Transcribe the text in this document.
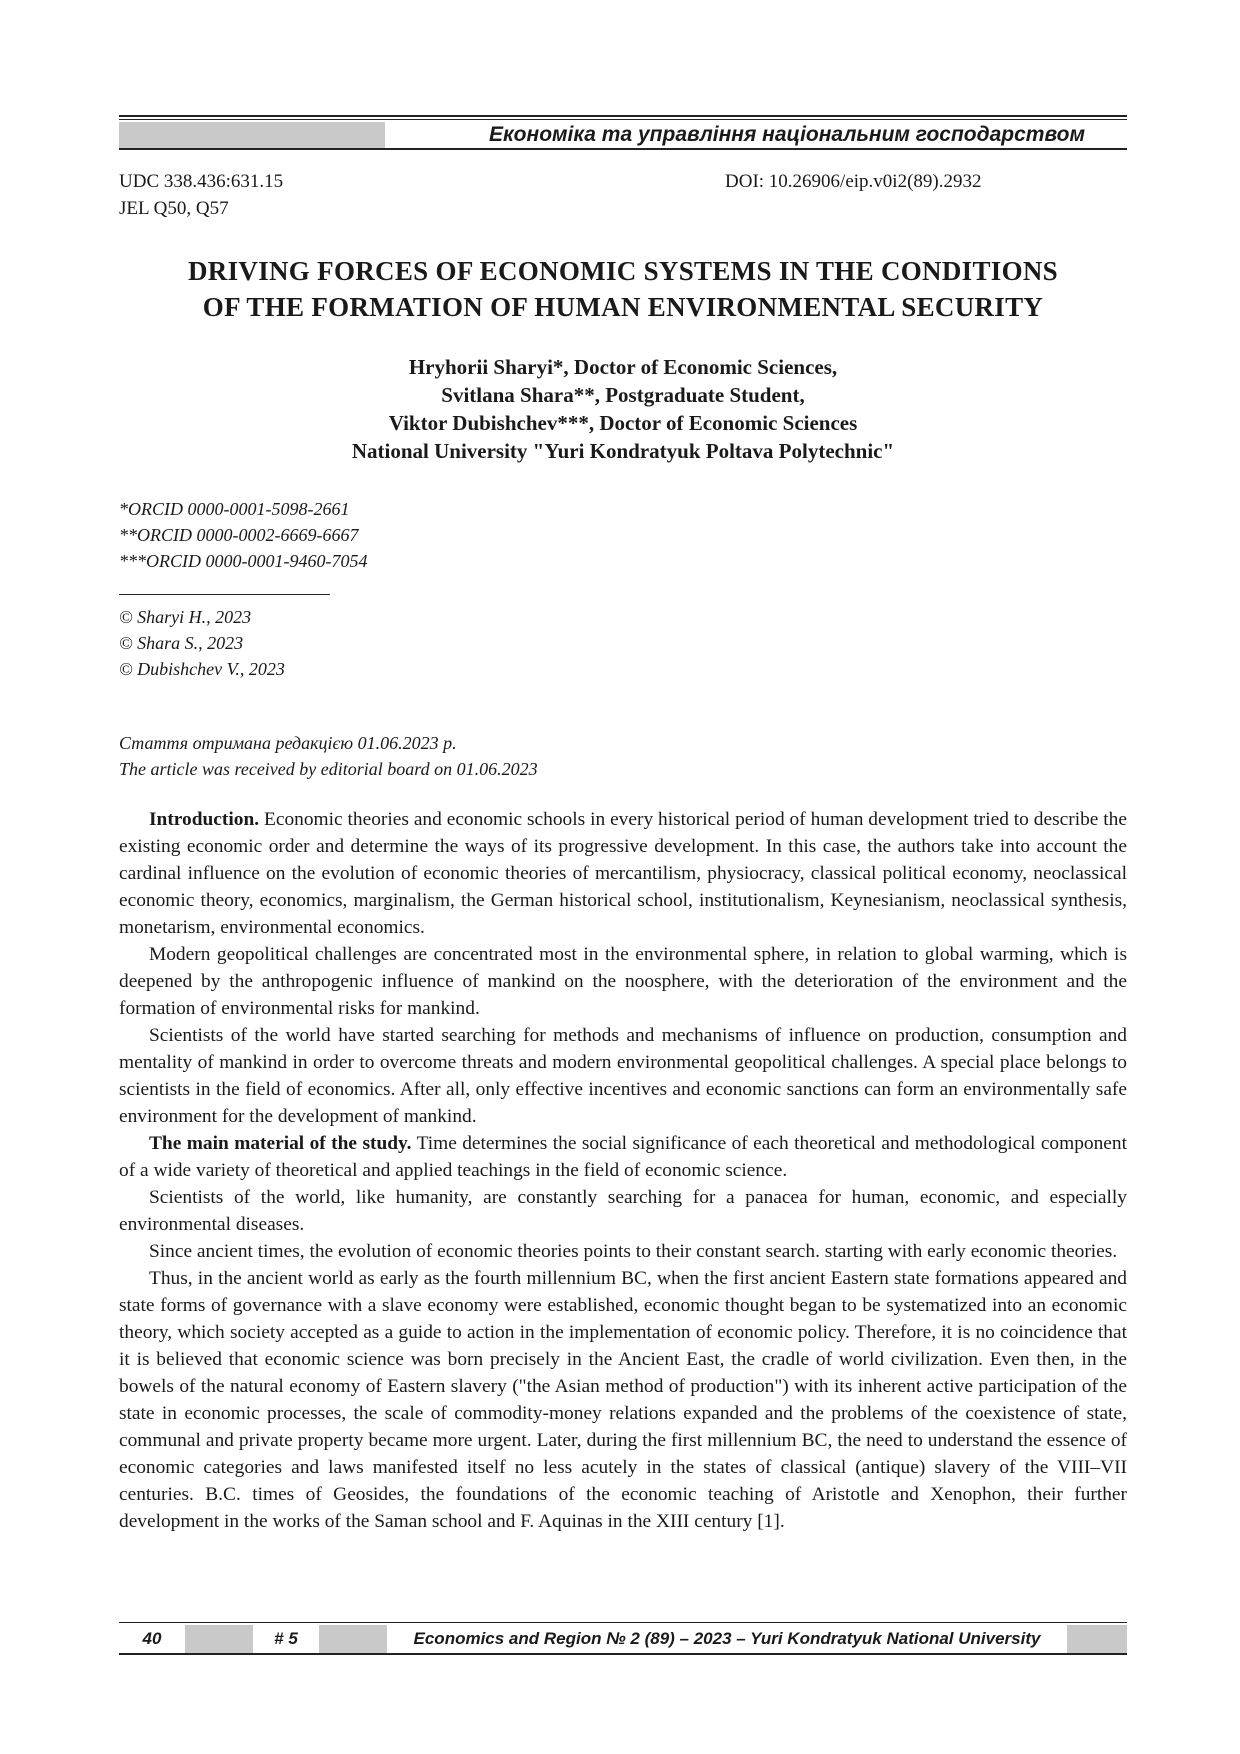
Економіка та управління національним господарством
UDC 338.436:631.15
JEL Q50, Q57
DOI: 10.26906/eip.v0i2(89).2932
DRIVING FORCES OF ECONOMIC SYSTEMS IN THE CONDITIONS
OF THE FORMATION OF HUMAN ENVIRONMENTAL SECURITY
Hryhorii Sharyi*, Doctor of Economic Sciences,
Svitlana Shara**, Postgraduate Student,
Viktor Dubishchev***, Doctor of Economic Sciences
National University "Yuri Kondratyuk Poltava Polytechnic"
*ORCID 0000-0001-5098-2661
**ORCID 0000-0002-6669-6667
***ORCID 0000-0001-9460-7054
© Sharyi H., 2023
© Shara S., 2023
© Dubishchev V., 2023
Стаття отримана редакцією 01.06.2023 р.
The article was received by editorial board on 01.06.2023

Introduction. Economic theories and economic schools in every historical period of human development tried to describe the existing economic order and determine the ways of its progressive development. In this case, the authors take into account the cardinal influence on the evolution of economic theories of mercantilism, physiocracy, classical political economy, neoclassical economic theory, economics, marginalism, the German historical school, institutionalism, Keynesianism, neoclassical synthesis, monetarism, environmental economics.

Modern geopolitical challenges are concentrated most in the environmental sphere, in relation to global warming, which is deepened by the anthropogenic influence of mankind on the noosphere, with the deterioration of the environment and the formation of environmental risks for mankind.

Scientists of the world have started searching for methods and mechanisms of influence on production, consumption and mentality of mankind in order to overcome threats and modern environmental geopolitical challenges. A special place belongs to scientists in the field of economics. After all, only effective incentives and economic sanctions can form an environmentally safe environment for the development of mankind.

The main material of the study. Time determines the social significance of each theoretical and methodological component of a wide variety of theoretical and applied teachings in the field of economic science.

Scientists of the world, like humanity, are constantly searching for a panacea for human, economic, and especially environmental diseases.

Since ancient times, the evolution of economic theories points to their constant search. starting with early economic theories.

Thus, in the ancient world as early as the fourth millennium BC, when the first ancient Eastern state formations appeared and state forms of governance with a slave economy were established, economic thought began to be systematized into an economic theory, which society accepted as a guide to action in the implementation of economic policy. Therefore, it is no coincidence that it is believed that economic science was born precisely in the Ancient East, the cradle of world civilization. Even then, in the bowels of the natural economy of Eastern slavery ("the Asian method of production") with its inherent active participation of the state in economic processes, the scale of commodity-money relations expanded and the problems of the coexistence of state, communal and private property became more urgent. Later, during the first millennium BC, the need to understand the essence of economic categories and laws manifested itself no less acutely in the states of classical (antique) slavery of the VIII–VII centuries. B.C. times of Geosides, the foundations of the economic teaching of Aristotle and Xenophon, their further development in the works of the Saman school and F. Aquinas in the XIII century [1].

40	# 5	Economics and Region № 2 (89) – 2023 – Yuri Kondratyuk National University
